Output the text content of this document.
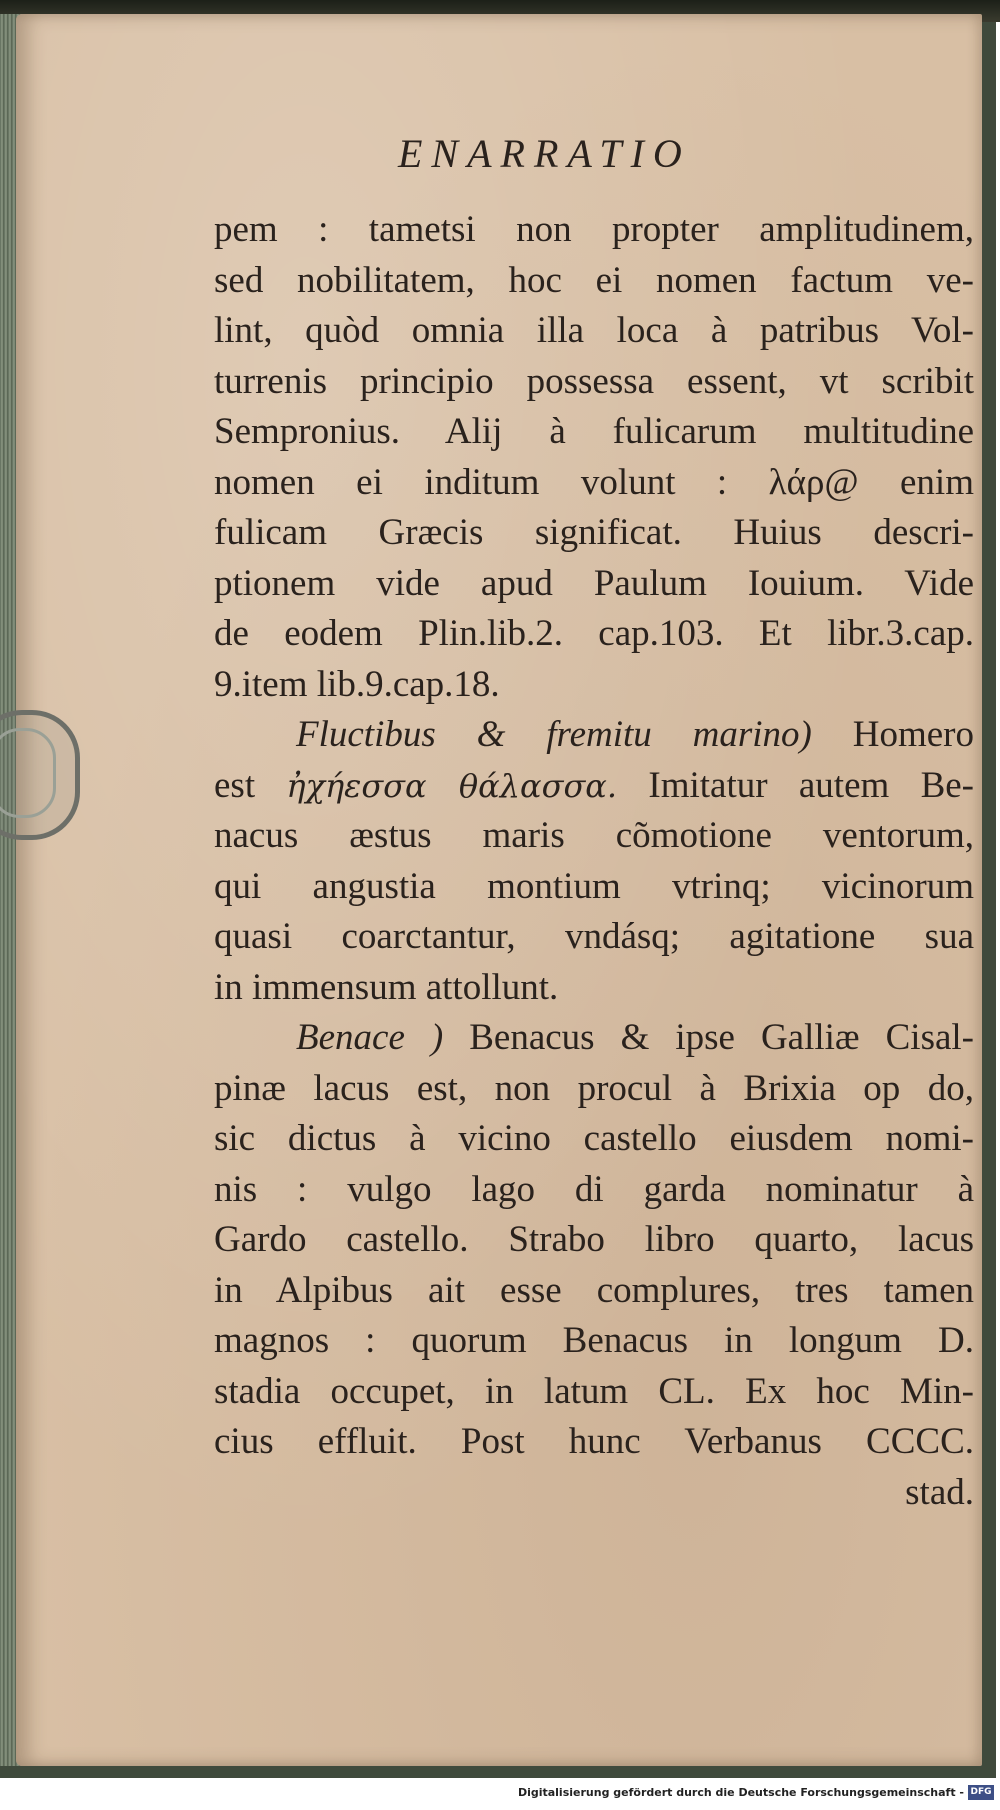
ENARRATIO
pem : tametsi non propter amplitudinem,
sed nobilitatem, hoc ei nomen factum ve-
lint, quòd omnia illa loca à patribus Vol-
turrenis principio possessa essent, vt scribit
Sempronius. Alij à fulicarum multitudine
nomen ei inditum volunt : λάρ@ enim
fulicam Græcis significat. Huius descri-
ptionem vide apud Paulum Iouium. Vide
de eodem Plin.lib.2. cap.103. Et libr.3.cap.
9.item lib.9.cap.18.
Fluctibus & fremitu marino) Homero
est ἠχήεσσα θάλασσα. Imitatur autem Be-
nacus æstus maris cõmotione ventorum,
qui angustia montium vtrinq; vicinorum
quasi coarctantur, vndásq; agitatione sua
in immensum attollunt.
Benace ) Benacus & ipse Galliæ Cisal-
pinæ lacus est, non procul à Brixia op do,
sic dictus à vicino castello eiusdem nomi-
nis : vulgo lago di garda nominatur à
Gardo castello. Strabo libro quarto, lacus
in Alpibus ait esse complures, tres tamen
magnos : quorum Benacus in longum D.
stadia occupet, in latum CL. Ex hoc Min-
cius effluit. Post hunc Verbanus CCCC.
stad.
Digitalisierung gefördert durch die Deutsche Forschungsgemeinschaft - DFG
